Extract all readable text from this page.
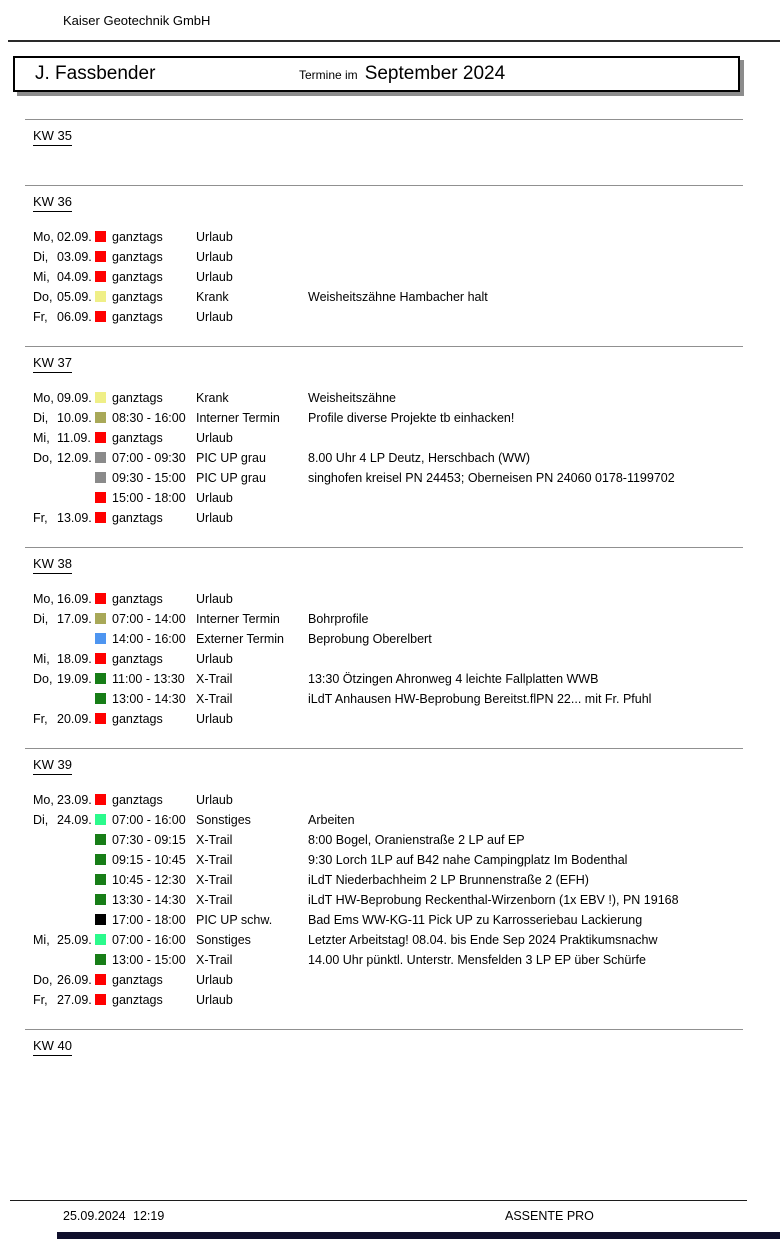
Kaiser Geotechnik GmbH
J. Fassbender	Termine im September 2024
KW 35
KW 36
Mo, 02.09. ganztags	Urlaub
Di, 03.09. ganztags	Urlaub
Mi, 04.09. ganztags	Urlaub
Do, 05.09. ganztags	Krank	Weisheitszähne Hambacher halt
Fr, 06.09. ganztags	Urlaub
KW 37
Mo, 09.09. ganztags	Krank	Weisheitszähne
Di, 10.09. 08:30 - 16:00 Interner Termin	Profile diverse Projekte tb einhacken!
Mi, 11.09.	ganztags	Urlaub
Do, 12.09. 07:00 - 09:30 PIC UP grau	8.00 Uhr 4 LP Deutz, Herschbach (WW)
09:30 - 15:00 PIC UP grau	singhofen kreisel PN 24453; Oberneisen PN 24060 0178-1199702
15:00 - 18:00 Urlaub
Fr, 13.09. ganztags	Urlaub
KW 38
Mo, 16.09. ganztags	Urlaub
Di, 17.09. 07:00 - 14:00 Interner Termin	Bohrprofile
14:00 - 16:00 Externer Termin	Beprobung Oberelbert
Mi, 18.09. ganztags	Urlaub
Do, 19.09. 11:00 - 13:30 X-Trail	13:30 Ötzingen Ahronweg 4 leichte Fallplatten WWB
13:00 - 14:30 X-Trail	iLdT Anhausen HW-Beprobung Bereitst.flPN 22... mit Fr. Pfuhl
Fr, 20.09. ganztags	Urlaub
KW 39
Mo, 23.09. ganztags	Urlaub
Di, 24.09. 07:00 - 16:00 Sonstiges	Arbeiten
07:30 - 09:15 X-Trail	8:00 Bogel, Oranienstraße 2 LP auf EP
09:15 - 10:45 X-Trail	9:30 Lorch 1LP auf B42 nahe Campingplatz Im Bodenthal
10:45 - 12:30 X-Trail	iLdT Niederbachheim 2 LP Brunnenstraße 2 (EFH)
13:30 - 14:30 X-Trail	iLdT HW-Beprobung Reckenthal-Wirzenborn (1x EBV !), PN 19168
17:00 - 18:00 PIC UP schw.	Bad Ems WW-KG-11 Pick UP zu Karrosseriebau Lackierung
Mi, 25.09. 07:00 - 16:00 Sonstiges	Letzter Arbeitstag! 08.04. bis Ende Sep 2024 Praktikumsnachw
13:00 - 15:00 X-Trail	14.00 Uhr pünktl. Unterstr. Mensfelden 3 LP EP über Schürfe
Do, 26.09. ganztags	Urlaub
Fr, 27.09. ganztags	Urlaub
KW 40
25.09.2024 12:19	ASSENTE PRO
